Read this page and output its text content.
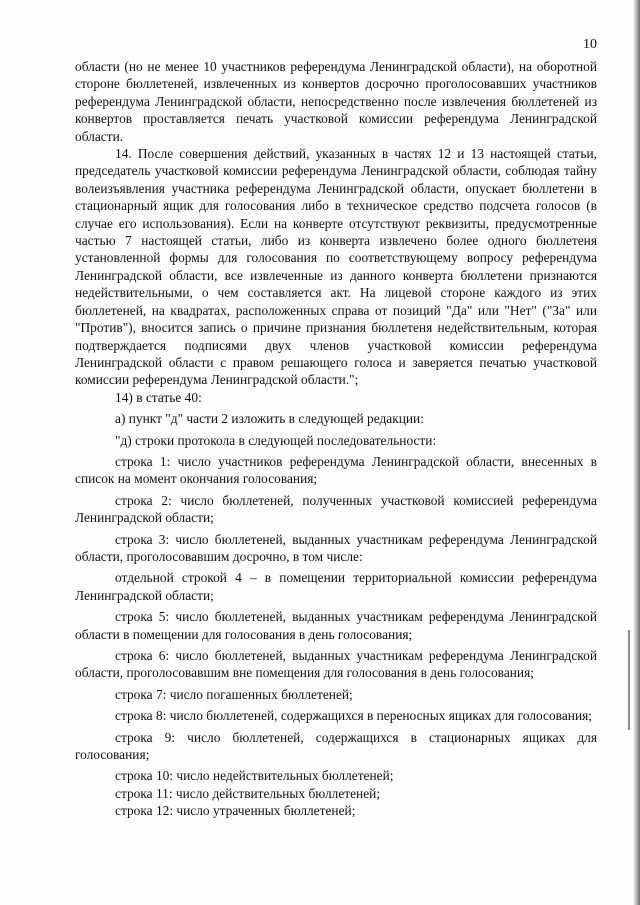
10

области (но не менее 10 участников референдума Ленинградской области), на оборотной стороне бюллетеней, извлеченных из конвертов досрочно проголосовавших участников референдума Ленинградской области, непосредственно после извлечения бюллетеней из конвертов проставляется печать участковой комиссии референдума Ленинградской области.

14. После совершения действий, указанных в частях 12 и 13 настоящей статьи, председатель участковой комиссии референдума Ленинградской области, соблюдая тайну волеизъявления участника референдума Ленинградской области, опускает бюллетени в стационарный ящик для голосования либо в техническое средство подсчета голосов (в случае его использования). Если на конверте отсутствуют реквизиты, предусмотренные частью 7 настоящей статьи, либо из конверта извлечено более одного бюллетеня установленной формы для голосования по соответствующему вопросу референдума Ленинградской области, все извлеченные из данного конверта бюллетени признаются недействительными, о чем составляется акт. На лицевой стороне каждого из этих бюллетеней, на квадратах, расположенных справа от позиций "Да" или "Нет" ("За" или "Против"), вносится запись о причине признания бюллетеня недействительным, которая подтверждается подписями двух членов участковой комиссии референдума Ленинградской области с правом решающего голоса и заверяется печатью участковой комиссии референдума Ленинградской области.";

14) в статье 40:

а) пункт "д" части 2 изложить в следующей редакции:

"д) строки протокола в следующей последовательности:

строка 1: число участников референдума Ленинградской области, внесенных в список на момент окончания голосования;

строка 2: число бюллетеней, полученных участковой комиссией референдума Ленинградской области;

строка 3: число бюллетеней, выданных участникам референдума Ленинградской области, проголосовавшим досрочно, в том числе:

отдельной строкой 4 – в помещении территориальной комиссии референдума Ленинградской области;

строка 5: число бюллетеней, выданных участникам референдума Ленинградской области в помещении для голосования в день голосования;

строка 6: число бюллетеней, выданных участникам референдума Ленинградской области, проголосовавшим вне помещения для голосования в день голосования;

строка 7: число погашенных бюллетеней;

строка 8: число бюллетеней, содержащихся в переносных ящиках для голосования;

строка 9: число бюллетеней, содержащихся в стационарных ящиках для голосования;

строка 10: число недействительных бюллетеней;

строка 11: число действительных бюллетеней;

строка 12: число утраченных бюллетеней;
